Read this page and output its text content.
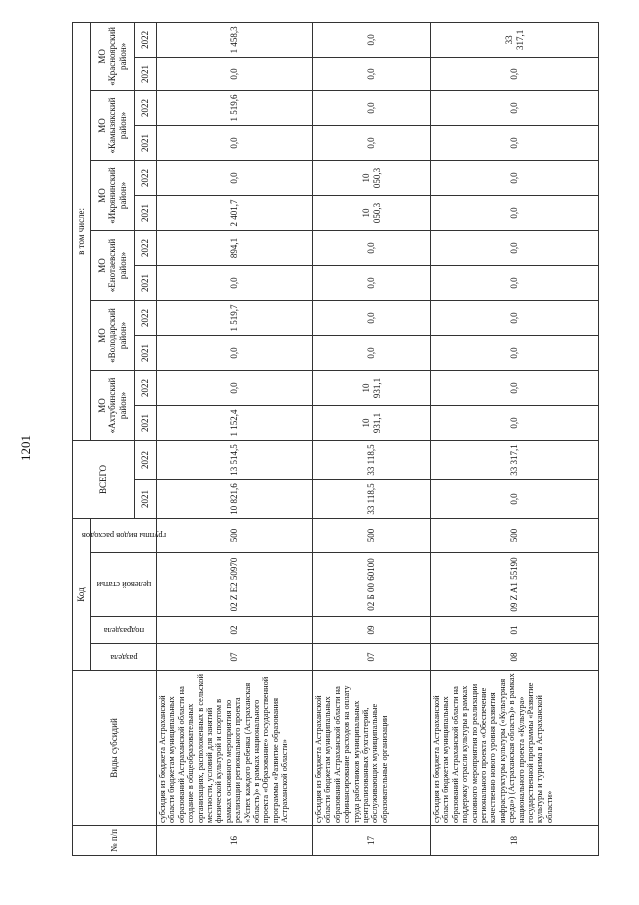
1201
№ п/п	Виды субсидий	Код				ВСЕГО		в том числе:											

		раздела	подраздела	целевой статьи	группы видов расходов			МО «Ахтубинский район»		МО «Володарский район»		МО «Енотаевский район»		МО «Икрянинский район»		МО «Камызякский район»		МО «Красноярский район»	

						2021	2022	2021	2022	2021	2022	2021	2022	2021	2022	2021	2022	2021	2022
16	субсидия из бюджета Астраханской области бюджетам муниципальных образований Астраханской области на создание в общеобразовательных организациях, расположенных в сельской местности, условий для занятий физической культурой и спортом в рамках основного мероприятия по реализации регионального проекта «Успех каждого ребенка (Астраханская область)» в рамках национального проекта «Образование» государственной программы «Развитие образования Астраханской области»	07	02	02 Z E2 50970	500	10 821,6	13 514,5	1 152,4	0,0	0,0	1 519,7	0,0	894,1	2 401,7	0,0	0,0	1 519,6	0,0	1 458,3
17	субсидия из бюджета Астраханской области бюджетам муниципальных образований Астраханской области на софинансирование расходов на оплату труда работников муниципальных централизованных бухгалтерий, обслуживающих муниципальные образовательные организации	07	09	02 Б 00 60100	500	33 118,5	33 118,5	10 931,1	10 931,1	0,0	0,0	0,0	0,0	10 050,3	10 050,3	0,0	0,0	0,0	0,0
18	субсидия из бюджета Астраханской области бюджетам муниципальных образований Астраханской области на поддержку отрасли культуры в рамках основного мероприятия по реализации регионального проекта «Обеспечение качественно нового уровня развития инфраструктуры культуры («Культурная среда») (Астраханская область)» в рамках национального проекта «Культура» государственной программы «Развитие культуры и туризма в Астраханской области»	08	01	09 Z A1 55190	500	0,0	33 317,1	0,0	0,0	0,0	0,0	0,0	0,0	0,0	0,0	0,0	0,0	0,0	33 317,1
